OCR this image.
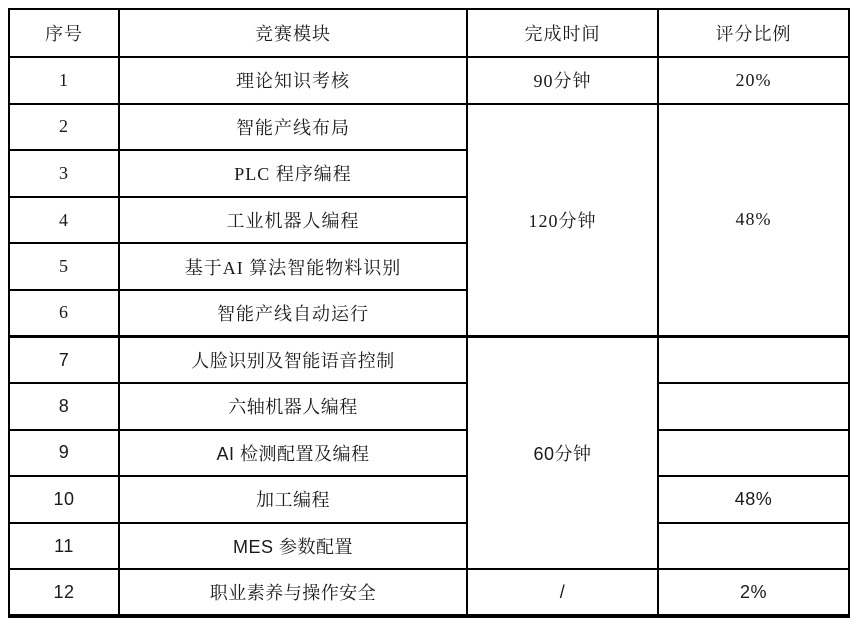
序号	竞赛模块	完成时间	评分比例
1	理论知识考核	90分钟	20%
2	智能产线布局	120分钟	48%
3	PLC 程序编程		
4	工业机器人编程		
5	基于AI 算法智能物料识别		
6	智能产线自动运行		
7	人脸识别及智能语音控制	60分钟	
8	六轴机器人编程		
9	AI 检测配置及编程		
10	加工编程		48%
11	MES 参数配置		
12	职业素养与操作安全	/	2%
